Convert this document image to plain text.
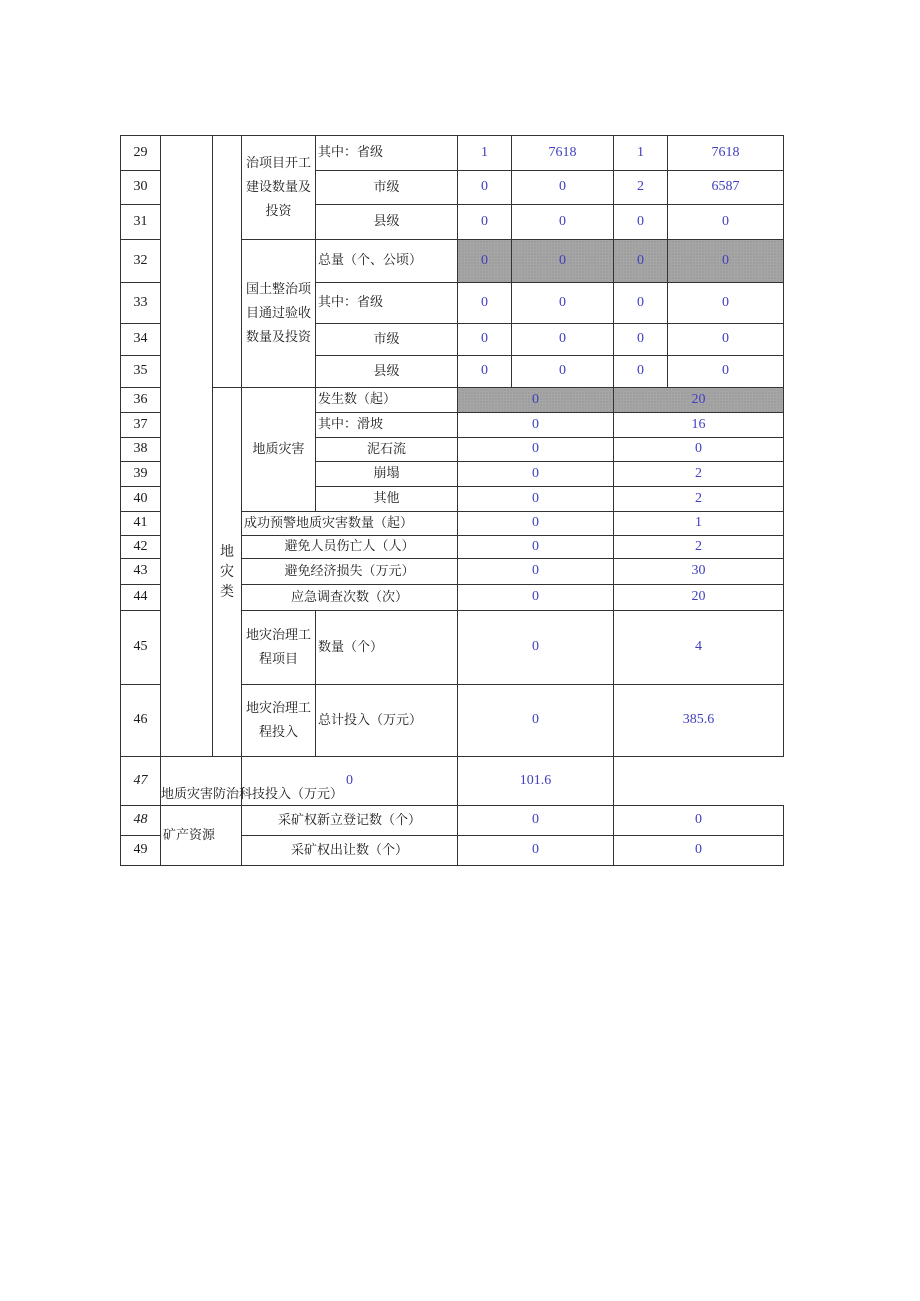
29			治项目开工建设数量及投资	其中：省级	1	7618	1	7618
30				市级	0	0	2	6587
31				县级	0	0	0	0
32			国土整治项目通过验收数量及投资	总量（个、公顷）	0	0	0	0
33				其中：省级	0	0	0	0
34				市级	0	0	0	0
35				县级	0	0	0	0
36		地灾类	地质灾害	发生数（起）	0		20	
37				其中：滑坡	0		16	
38				泥石流	0		0	
39				崩塌	0		2	
40				其他	0		2	
41			成功预警地质灾害数量（起）		0		1	
42			避免人员伤亡人（人）		0		2	
43			避免经济损失（万元）		0		30	
44			应急调查次数（次）		0		20	
45			地灾治理工程项目	数量（个）	0		4	
46			地灾治理工程投入	总计投入（万元）	0		385.6	
47	地质灾害防治科技投入（万元）		0		101.6			
48	矿产资源		采矿权新立登记数（个）		0		0	
49			采矿权出让数（个）		0		0	
